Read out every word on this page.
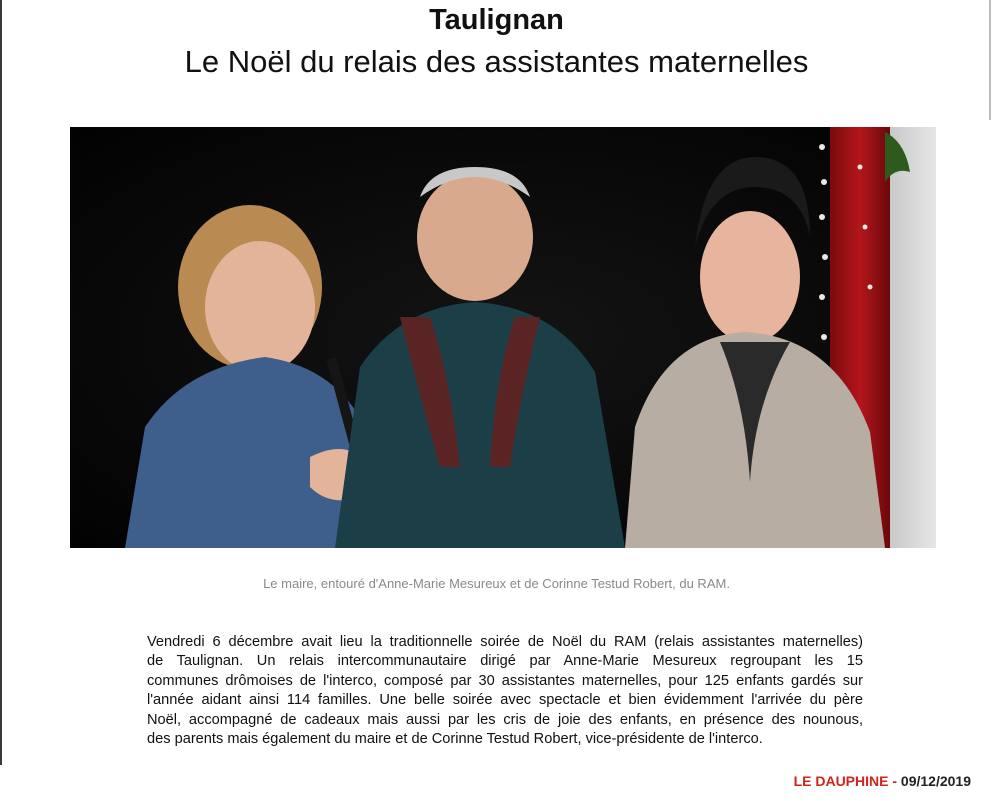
Taulignan
Le Noël du relais des assistantes maternelles
Le maire, entouré d'Anne-Marie Mesureux et de Corinne Testud Robert, du RAM.
Vendredi 6 décembre avait lieu la traditionnelle soirée de Noël du RAM (relais assistantes maternelles)
de Taulignan. Un relais intercommunautaire dirigé par Anne-Marie Mesureux regroupant les 15
communes drômoises de l'interco, composé par 30 assistantes maternelles, pour 125 enfants gardés sur
l'année aidant ainsi 114 familles. Une belle soirée avec spectacle et bien évidemment l'arrivée du père
Noël, accompagné de cadeaux mais aussi par les cris de joie des enfants, en présence des nounous,
des parents mais également du maire et de Corinne Testud Robert, vice-présidente de l'interco.
LE DAUPHINE - 09/12/2019
